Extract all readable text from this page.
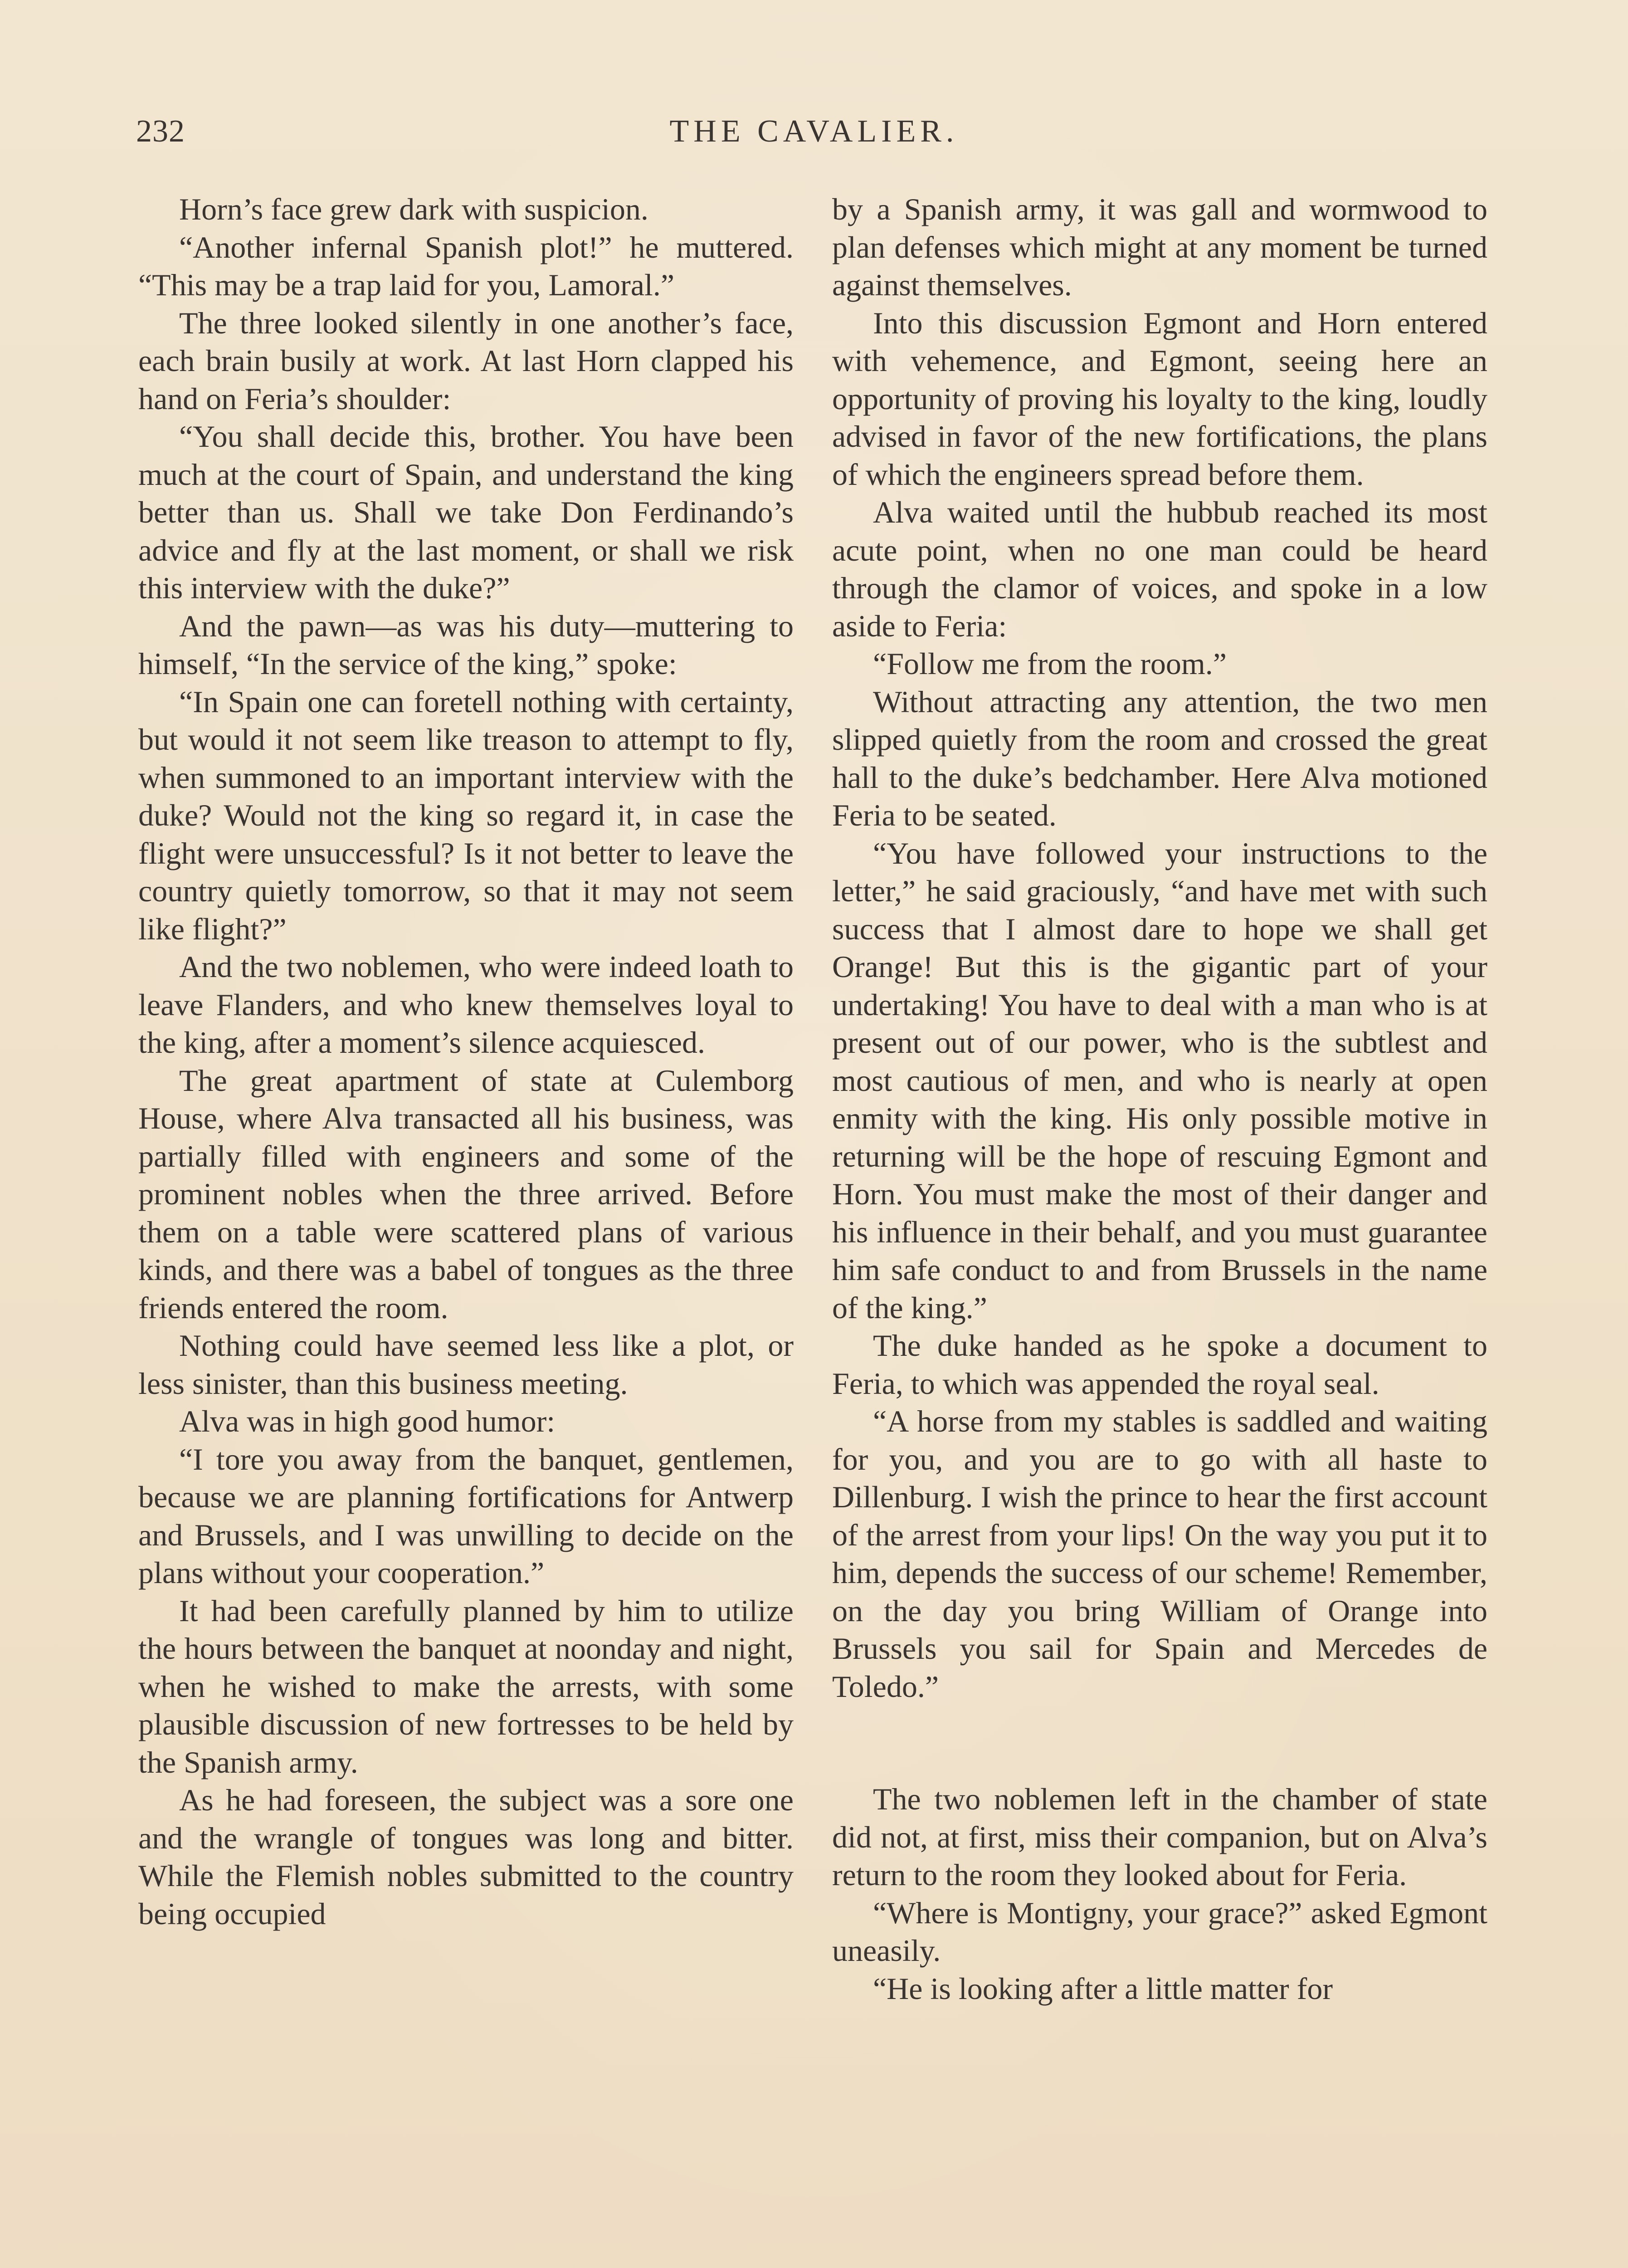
232	THE CAVALIER.

Horn’s face grew dark with suspicion.

“Another infernal Spanish plot!” he muttered. “This may be a trap laid for you, Lamoral.”

The three looked silently in one another’s face, each brain busily at work. At last Horn clapped his hand on Feria’s shoulder:

“You shall decide this, brother. You have been much at the court of Spain, and understand the king better than us. Shall we take Don Ferdinando’s advice and fly at the last moment, or shall we risk this interview with the duke?”

And the pawn—as was his duty—muttering to himself, “In the service of the king,” spoke:

“In Spain one can foretell nothing with certainty, but would it not seem like treason to attempt to fly, when summoned to an important interview with the duke? Would not the king so regard it, in case the flight were unsuccessful? Is it not better to leave the country quietly tomorrow, so that it may not seem like flight?”

And the two noblemen, who were indeed loath to leave Flanders, and who knew themselves loyal to the king, after a moment’s silence acquiesced.

The great apartment of state at Culemborg House, where Alva transacted all his business, was partially filled with engineers and some of the prominent nobles when the three arrived. Before them on a table were scattered plans of various kinds, and there was a babel of tongues as the three friends entered the room.

Nothing could have seemed less like a plot, or less sinister, than this business meeting.

Alva was in high good humor:

“I tore you away from the banquet, gentlemen, because we are planning fortifications for Antwerp and Brussels, and I was unwilling to decide on the plans without your cooperation.”

It had been carefully planned by him to utilize the hours between the banquet at noonday and night, when he wished to make the arrests, with some plausible discussion of new fortresses to be held by the Spanish army.

As he had foreseen, the subject was a sore one and the wrangle of tongues was long and bitter. While the Flemish nobles submitted to the country being occupied

by a Spanish army, it was gall and wormwood to plan defenses which might at any moment be turned against themselves.

Into this discussion Egmont and Horn entered with vehemence, and Egmont, seeing here an opportunity of proving his loyalty to the king, loudly advised in favor of the new fortifications, the plans of which the engineers spread before them.

Alva waited until the hubbub reached its most acute point, when no one man could be heard through the clamor of voices, and spoke in a low aside to Feria:

“Follow me from the room.”

Without attracting any attention, the two men slipped quietly from the room and crossed the great hall to the duke’s bedchamber. Here Alva motioned Feria to be seated.

“You have followed your instructions to the letter,” he said graciously, “and have met with such success that I almost dare to hope we shall get Orange! But this is the gigantic part of your undertaking! You have to deal with a man who is at present out of our power, who is the subtlest and most cautious of men, and who is nearly at open enmity with the king. His only possible motive in returning will be the hope of rescuing Egmont and Horn. You must make the most of their danger and his influence in their behalf, and you must guarantee him safe conduct to and from Brussels in the name of the king.”

The duke handed as he spoke a document to Feria, to which was appended the royal seal.

“A horse from my stables is saddled and waiting for you, and you are to go with all haste to Dillenburg. I wish the prince to hear the first account of the arrest from your lips! On the way you put it to him, depends the success of our scheme! Remember, on the day you bring William of Orange into Brussels you sail for Spain and Mercedes de Toledo.”

The two noblemen left in the chamber of state did not, at first, miss their companion, but on Alva’s return to the room they looked about for Feria.

“Where is Montigny, your grace?” asked Egmont uneasily.

“He is looking after a little matter for
